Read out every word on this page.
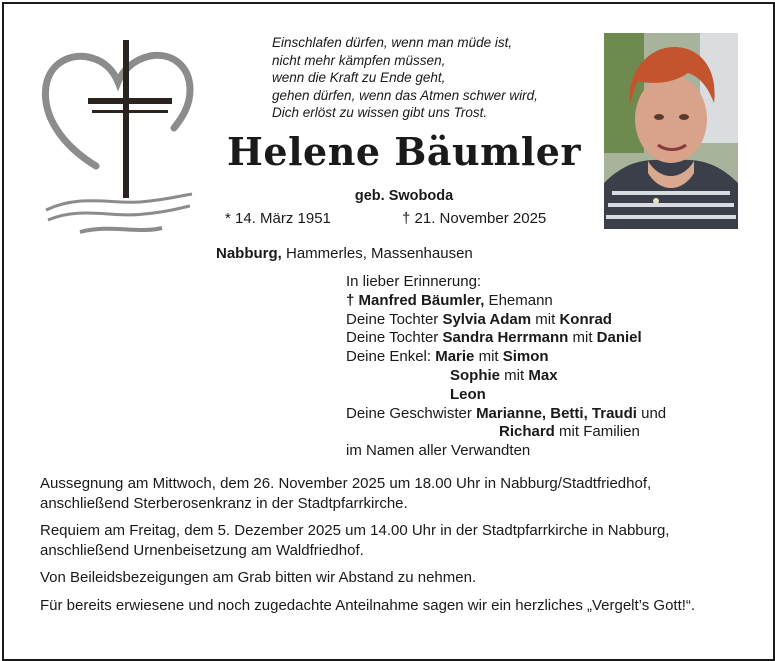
Einschlafen dürfen, wenn man müde ist,
nicht mehr kämpfen müssen,
wenn die Kraft zu Ende geht,
gehen dürfen, wenn das Atmen schwer wird,
Dich erlöst zu wissen gibt uns Trost.
Helene Bäumler
geb. Swoboda
* 14. März 1951	† 21. November 2025
Nabburg, Hammerles, Massenhausen
In lieber Erinnerung:
† Manfred Bäumler, Ehemann
Deine Tochter Sylvia Adam mit Konrad
Deine Tochter Sandra Herrmann mit Daniel
Deine Enkel: Marie mit Simon
Sophie mit Max
Leon
Deine Geschwister Marianne, Betti, Traudi und
Richard mit Familien
im Namen aller Verwandten

Aussegnung am Mittwoch, dem 26. November 2025 um 18.00 Uhr in Nabburg/Stadtfriedhof, anschließend Sterberosenkranz in der Stadtpfarrkirche.

Requiem am Freitag, dem 5. Dezember 2025 um 14.00 Uhr in der Stadtpfarrkirche in Nabburg, anschließend Urnenbeisetzung am Waldfriedhof.

Von Beileidsbezeigungen am Grab bitten wir Abstand zu nehmen.

Für bereits erwiesene und noch zugedachte Anteilnahme sagen wir ein herzliches „Vergelt’s Gott!“.
